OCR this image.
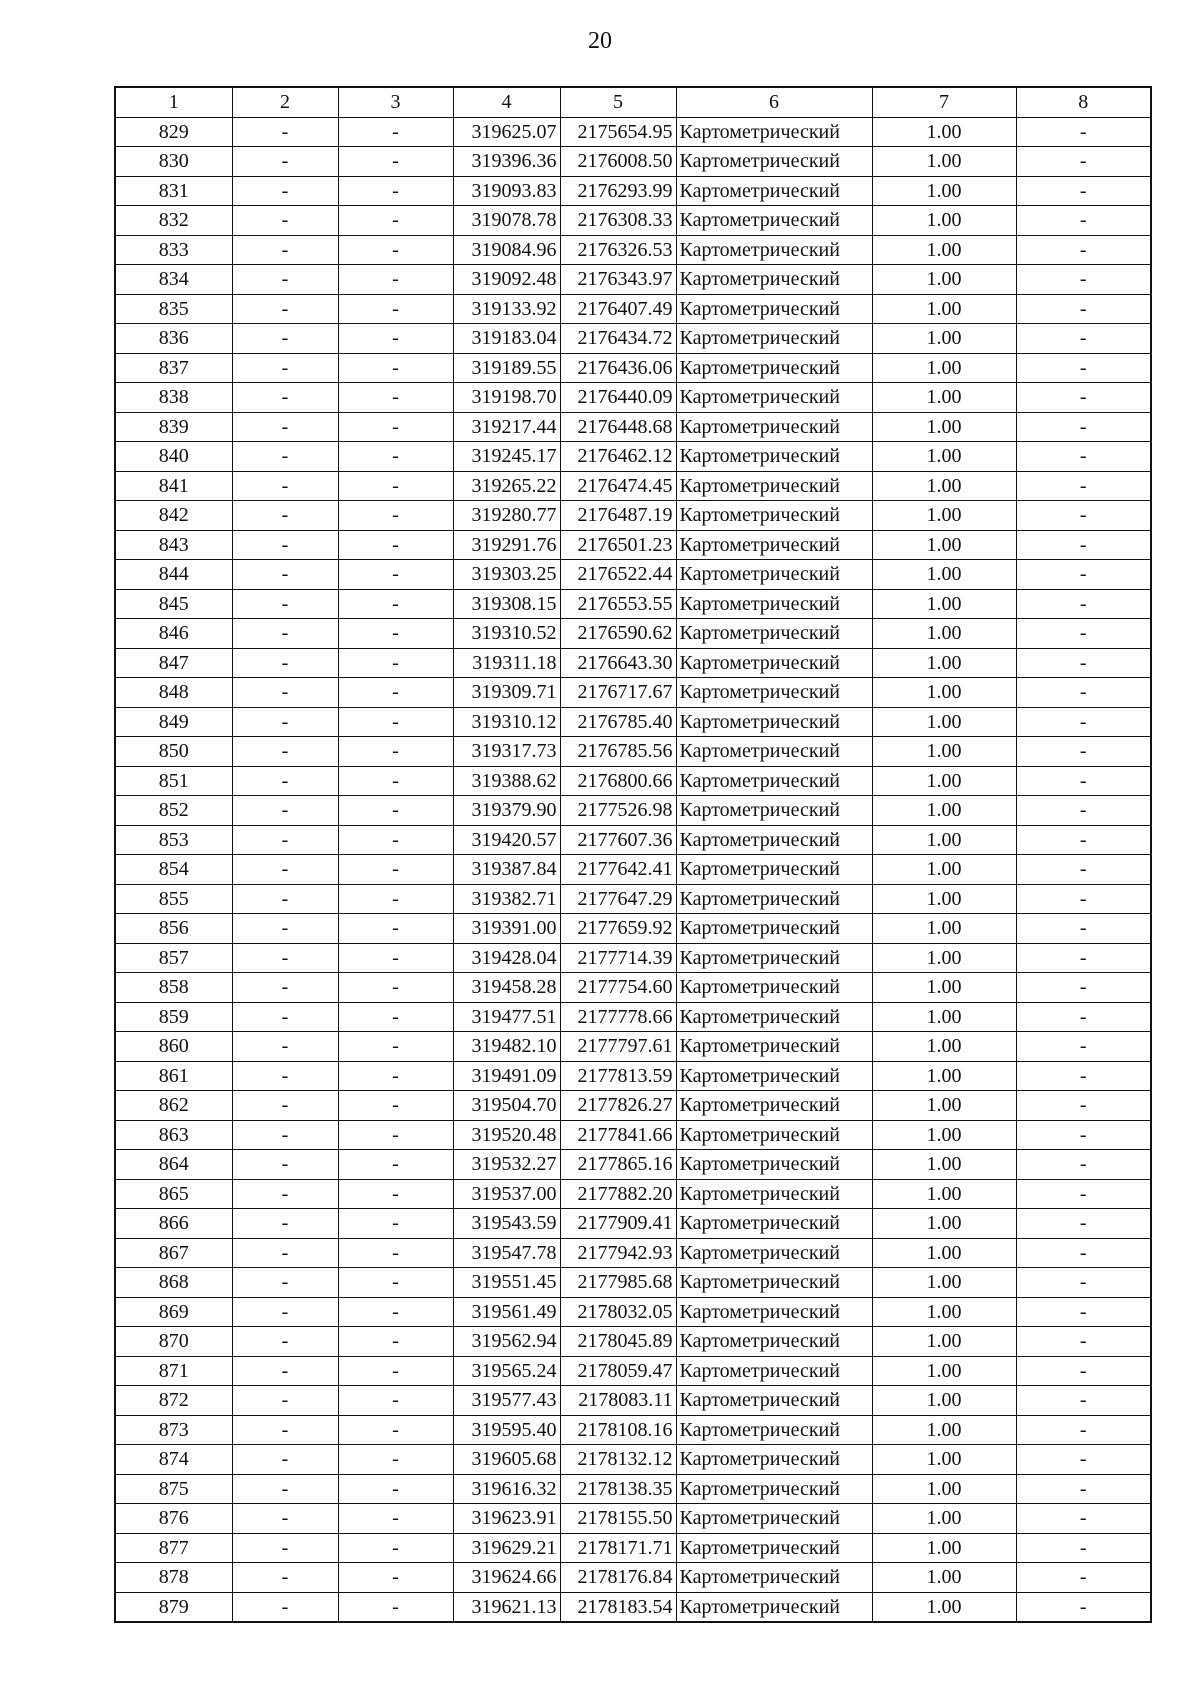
20
1	2	3	4	5	6	7	8
829	-	-	319625.07	2175654.95	Картометрический	1.00	-
830	-	-	319396.36	2176008.50	Картометрический	1.00	-
831	-	-	319093.83	2176293.99	Картометрический	1.00	-
832	-	-	319078.78	2176308.33	Картометрический	1.00	-
833	-	-	319084.96	2176326.53	Картометрический	1.00	-
834	-	-	319092.48	2176343.97	Картометрический	1.00	-
835	-	-	319133.92	2176407.49	Картометрический	1.00	-
836	-	-	319183.04	2176434.72	Картометрический	1.00	-
837	-	-	319189.55	2176436.06	Картометрический	1.00	-
838	-	-	319198.70	2176440.09	Картометрический	1.00	-
839	-	-	319217.44	2176448.68	Картометрический	1.00	-
840	-	-	319245.17	2176462.12	Картометрический	1.00	-
841	-	-	319265.22	2176474.45	Картометрический	1.00	-
842	-	-	319280.77	2176487.19	Картометрический	1.00	-
843	-	-	319291.76	2176501.23	Картометрический	1.00	-
844	-	-	319303.25	2176522.44	Картометрический	1.00	-
845	-	-	319308.15	2176553.55	Картометрический	1.00	-
846	-	-	319310.52	2176590.62	Картометрический	1.00	-
847	-	-	319311.18	2176643.30	Картометрический	1.00	-
848	-	-	319309.71	2176717.67	Картометрический	1.00	-
849	-	-	319310.12	2176785.40	Картометрический	1.00	-
850	-	-	319317.73	2176785.56	Картометрический	1.00	-
851	-	-	319388.62	2176800.66	Картометрический	1.00	-
852	-	-	319379.90	2177526.98	Картометрический	1.00	-
853	-	-	319420.57	2177607.36	Картометрический	1.00	-
854	-	-	319387.84	2177642.41	Картометрический	1.00	-
855	-	-	319382.71	2177647.29	Картометрический	1.00	-
856	-	-	319391.00	2177659.92	Картометрический	1.00	-
857	-	-	319428.04	2177714.39	Картометрический	1.00	-
858	-	-	319458.28	2177754.60	Картометрический	1.00	-
859	-	-	319477.51	2177778.66	Картометрический	1.00	-
860	-	-	319482.10	2177797.61	Картометрический	1.00	-
861	-	-	319491.09	2177813.59	Картометрический	1.00	-
862	-	-	319504.70	2177826.27	Картометрический	1.00	-
863	-	-	319520.48	2177841.66	Картометрический	1.00	-
864	-	-	319532.27	2177865.16	Картометрический	1.00	-
865	-	-	319537.00	2177882.20	Картометрический	1.00	-
866	-	-	319543.59	2177909.41	Картометрический	1.00	-
867	-	-	319547.78	2177942.93	Картометрический	1.00	-
868	-	-	319551.45	2177985.68	Картометрический	1.00	-
869	-	-	319561.49	2178032.05	Картометрический	1.00	-
870	-	-	319562.94	2178045.89	Картометрический	1.00	-
871	-	-	319565.24	2178059.47	Картометрический	1.00	-
872	-	-	319577.43	2178083.11	Картометрический	1.00	-
873	-	-	319595.40	2178108.16	Картометрический	1.00	-
874	-	-	319605.68	2178132.12	Картометрический	1.00	-
875	-	-	319616.32	2178138.35	Картометрический	1.00	-
876	-	-	319623.91	2178155.50	Картометрический	1.00	-
877	-	-	319629.21	2178171.71	Картометрический	1.00	-
878	-	-	319624.66	2178176.84	Картометрический	1.00	-
879	-	-	319621.13	2178183.54	Картометрический	1.00	-
